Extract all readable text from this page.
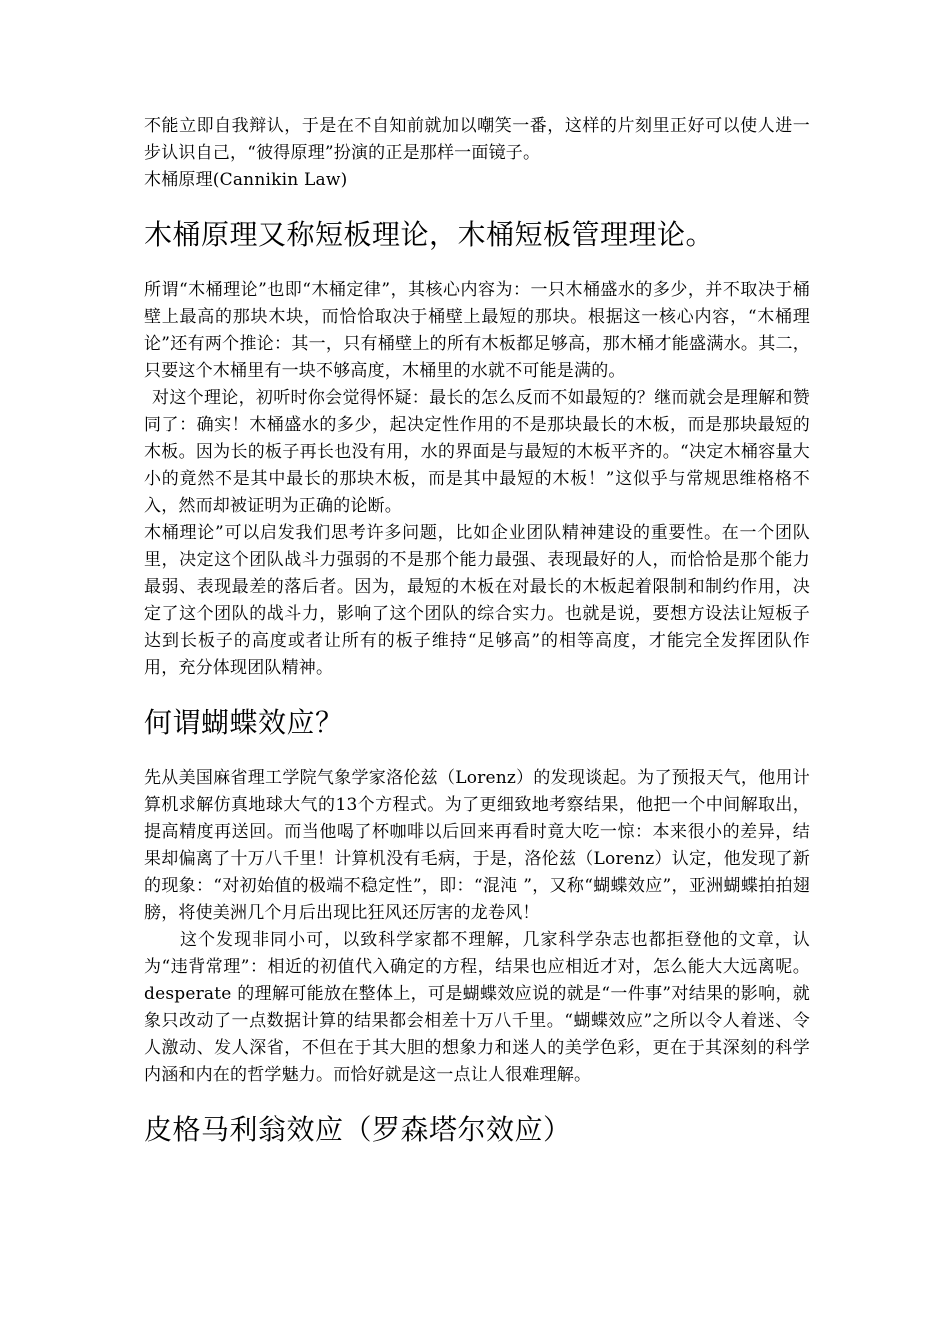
不能立即自我辩认，于是在不自知前就加以嘲笑一番，这样的片刻里正好可以使人进一步认识自己，“彼得原理”扮演的正是那样一面镜子。

木桶原理(Cannikin Law)

木桶原理又称短板理论，木桶短板管理理论。

所谓“木桶理论”也即“木桶定律”，其核心内容为：一只木桶盛水的多少，并不取决于桶壁上最高的那块木块，而恰恰取决于桶壁上最短的那块。根据这一核心内容，“木桶理论”还有两个推论：其一，只有桶壁上的所有木板都足够高，那木桶才能盛满水。其二，只要这个木桶里有一块不够高度，木桶里的水就不可能是满的。

对这个理论，初听时你会觉得怀疑：最长的怎么反而不如最短的？继而就会是理解和赞同了：确实！木桶盛水的多少，起决定性作用的不是那块最长的木板，而是那块最短的木板。因为长的板子再长也没有用，水的界面是与最短的木板平齐的。“决定木桶容量大小的竟然不是其中最长的那块木板，而是其中最短的木板！”这似乎与常规思维格格不入，然而却被证明为正确的论断。

木桶理论”可以启发我们思考许多问题，比如企业团队精神建设的重要性。在一个团队里，决定这个团队战斗力强弱的不是那个能力最强、表现最好的人，而恰恰是那个能力最弱、表现最差的落后者。因为，最短的木板在对最长的木板起着限制和制约作用，决定了这个团队的战斗力，影响了这个团队的综合实力。也就是说，要想方设法让短板子达到长板子的高度或者让所有的板子维持“足够高”的相等高度，才能完全发挥团队作用，充分体现团队精神。

何谓蝴蝶效应？

先从美国麻省理工学院气象学家洛伦兹（Lorenz）的发现谈起。为了预报天气，他用计算机求解仿真地球大气的13个方程式。为了更细致地考察结果，他把一个中间解取出，提高精度再送回。而当他喝了杯咖啡以后回来再看时竟大吃一惊：本来很小的差异，结果却偏离了十万八千里！计算机没有毛病，于是，洛伦兹（Lorenz）认定，他发现了新的现象：“对初始值的极端不稳定性”，即：“混沌 ”，又称“蝴蝶效应”，亚洲蝴蝶拍拍翅膀，将使美洲几个月后出现比狂风还厉害的龙卷风！

这个发现非同小可，以致科学家都不理解，几家科学杂志也都拒登他的文章，认为“违背常理”：相近的初值代入确定的方程，结果也应相近才对，怎么能大大远离呢。desperate 的理解可能放在整体上，可是蝴蝶效应说的就是“一件事”对结果的影响，就象只改动了一点数据计算的结果都会相差十万八千里。“蝴蝶效应”之所以令人着迷、令人激动、发人深省，不但在于其大胆的想象力和迷人的美学色彩，更在于其深刻的科学内涵和内在的哲学魅力。而恰好就是这一点让人很难理解。

皮格马利翁效应（罗森塔尔效应）
